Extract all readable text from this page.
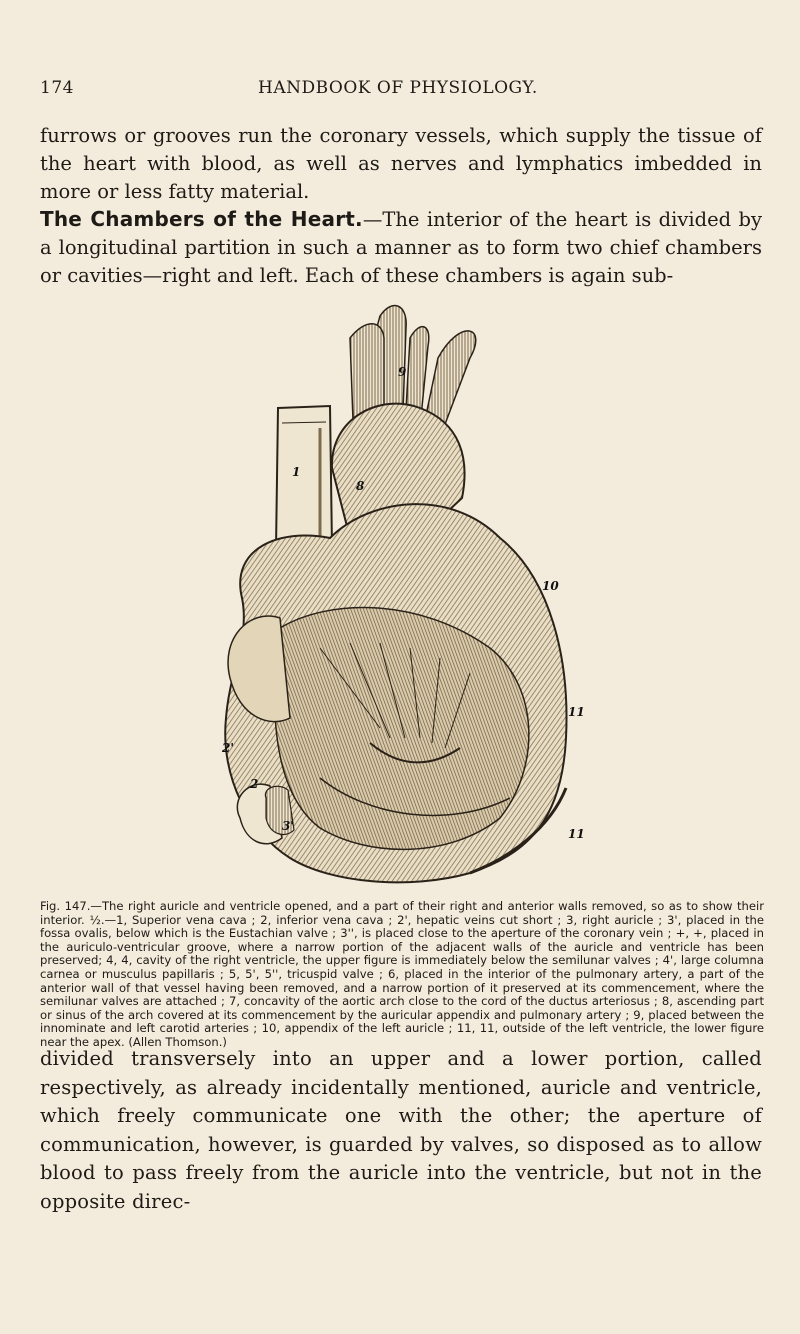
174	HANDBOOK OF PHYSIOLOGY.
furrows or grooves run the coronary vessels, which supply the tissue of the heart with blood, as well as nerves and lymphatics imbedded in more or less fatty material.
The Chambers of the Heart.—The interior of the heart is divided by a longitudinal partition in such a manner as to form two chief chambers or cavities—right and left. Each of these chambers is again sub-
1
9
8
10
11
11
2'
2
3'
Fig. 147.—The right auricle and ventricle opened, and a part of their right and anterior walls removed, so as to show their interior. ½.—1, Superior vena cava ; 2, inferior vena cava ; 2', hepatic veins cut short ; 3, right auricle ; 3', placed in the fossa ovalis, below which is the Eustachian valve ; 3'', is placed close to the aperture of the coronary vein ; +, +, placed in the auriculo-ventricular groove, where a narrow portion of the adjacent walls of the auricle and ventricle has been preserved; 4, 4, cavity of the right ventricle, the upper figure is immediately below the semilunar valves ; 4', large columna carnea or musculus papillaris ; 5, 5', 5'', tricuspid valve ; 6, placed in the interior of the pulmonary artery, a part of the anterior wall of that vessel having been removed, and a narrow portion of it preserved at its commencement, where the semilunar valves are attached ; 7, concavity of the aortic arch close to the cord of the ductus arteriosus ; 8, ascending part or sinus of the arch covered at its commencement by the auricular appendix and pulmonary artery ; 9, placed between the innominate and left carotid arteries ; 10, appendix of the left auricle ; 11, 11, outside of the left ventricle, the lower figure near the apex. (Allen Thomson.)
divided transversely into an upper and a lower portion, called respectively, as already incidentally mentioned, auricle and ventricle, which freely communicate one with the other; the aperture of communication, however, is guarded by valves, so disposed as to allow blood to pass freely from the auricle into the ventricle, but not in the opposite direc-
